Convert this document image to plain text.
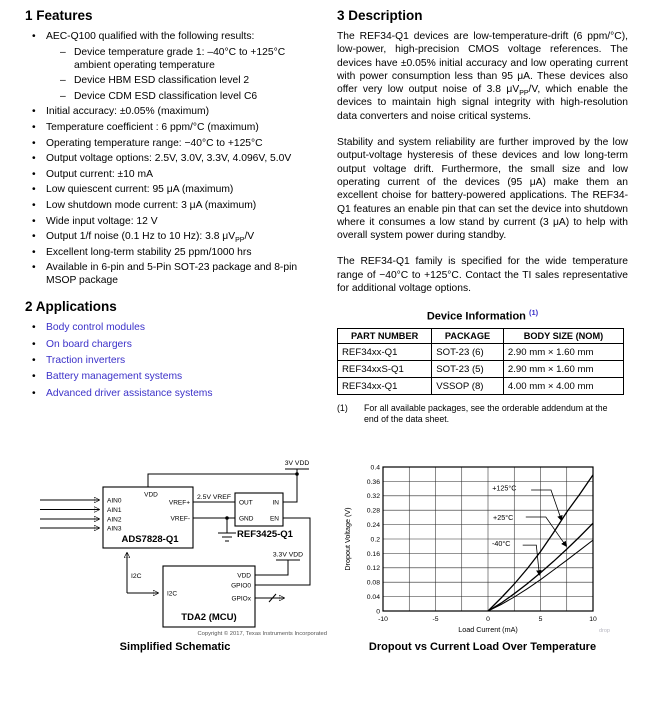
1 Features
• AEC-Q100 qualified with the following results:
– Device temperature grade 1: –40°C to +125°C ambient operating temperature
– Device HBM ESD classification level 2
– Device CDM ESD classification level C6
• Initial accuracy: ±0.05% (maximum)
• Temperature coefficient : 6 ppm/°C (maximum)
• Operating temperature range: −40°C to +125°C
• Output voltage options: 2.5V, 3.0V, 3.3V, 4.096V, 5.0V
• Output current: ±10 mA
• Low quiescent current: 95 μA (maximum)
• Low shutdown mode current: 3 μA (maximum)
• Wide input voltage: 12 V
• Output 1/f noise (0.1 Hz to 10 Hz): 3.8 $\mu V_{PP}/V$
• Excellent long-term stability 25 ppm/1000 hrs
• Available in 6-pin and 5-Pin SOT-23 package and 8-pin MSOP package
2 Applications
• Body control modules
• On board chargers
• Traction inverters
• Battery management systems
• Advanced driver assistance systems
3 Description

The REF34-Q1 devices are low-temperature-drift (6 ppm/°C), low-power, high-precision CMOS voltage references. The devices have ±0.05% initial accuracy and low operating current with power consumption less than 95 μA. These devices also offer very low output noise of 3.8 $\mu V_{PP}/V$, which enable the devices to maintain high signal integrity with high-resolution data converters and noise critical systems.

Stability and system reliability are further improved by the low output-voltage hysteresis of these devices and low long-term output voltage drift. Furthermore, the small size and low operating current of the devices (95 μA) make them an excellent choise for battery-powered applications. The REF34-Q1 features an enable pin that can set the device into shutdown where it consumes a low stand by current (3 μA) to help with overall system power during standby.

The REF34-Q1 family is specified for the wide temperature range of −40°C to +125°C. Contact the TI sales representative for additional voltage options.

Device Information $^{(1)}$
PART NUMBER	PACKAGE	BODY SIZE (NOM)
REF34xx-Q1	SOT-23 (6)	2.90 mm × 1.60 mm
REF34xxS-Q1	SOT-23 (5)	2.90 mm × 1.60 mm
REF34xx-Q1	VSSOP (8)	4.00 mm × 4.00 mm
(1)	For all available packages, see the orderable addendum at the end of the data sheet.
AIN0
AIN1
AIN2
AIN3
VDD
VREF+
VREF-
ADS7828-Q1
OUT
GND
IN
EN
REF3425-Q1
3V VDD
2.5V VREF
3.3V VDD
I2C
I2C
VDD
GPIO0
GPIOx
TDA2 (MCU)
Copyright © 2017, Texas Instruments Incorporated
-10	-5	0	5	10
0
0.04
0.08
0.12
0.16
0.2
0.24
0.28
0.32
0.36
0.4
Load Current (mA)
Dropout Voltage (V)
+125°C
+25°C
-40°C
drop
Simplified Schematic	Dropout vs Current Load Over Temperature
